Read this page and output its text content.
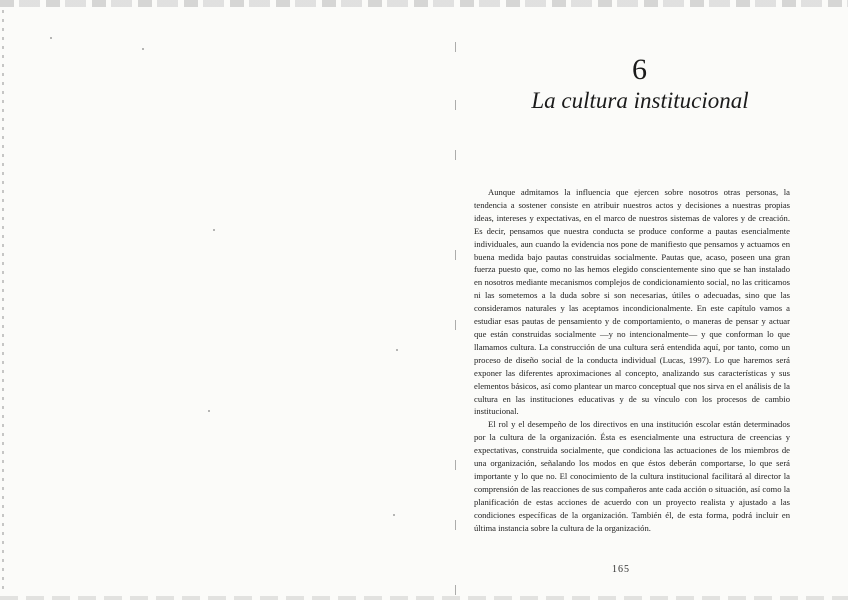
6
La cultura institucional

Aunque admitamos la influencia que ejercen sobre nosotros otras personas, la tendencia a sostener consiste en atribuir nuestros actos y decisiones a nuestras propias ideas, intereses y expectativas, en el marco de nuestros sistemas de valores y de creación. Es decir, pensamos que nuestra conducta se produce conforme a pautas esencialmente individuales, aun cuando la evidencia nos pone de manifiesto que pensamos y actuamos en buena medida bajo pautas construidas socialmente. Pautas que, acaso, poseen una gran fuerza puesto que, como no las hemos elegido conscientemente sino que se han instalado en nosotros mediante mecanismos complejos de condicionamiento social, no las criticamos ni las sometemos a la duda sobre si son necesarias, útiles o adecuadas, sino que las consideramos naturales y las aceptamos incondicionalmente. En este capítulo vamos a estudiar esas pautas de pensamiento y de comportamiento, o maneras de pensar y actuar que están construidas socialmente —y no intencionalmente— y que conforman lo que llamamos cultura. La construcción de una cultura será entendida aquí, por tanto, como un proceso de diseño social de la conducta individual (Lucas, 1997). Lo que haremos será exponer las diferentes aproximaciones al concepto, analizando sus características y sus elementos básicos, así como plantear un marco conceptual que nos sirva en el análisis de la cultura en las instituciones educativas y de su vínculo con los procesos de cambio institucional.

El rol y el desempeño de los directivos en una institución escolar están determinados por la cultura de la organización. Ésta es esencialmente una estructura de creencias y expectativas, construida socialmente, que condiciona las actuaciones de los miembros de una organización, señalando los modos en que éstos deberán comportarse, lo que será importante y lo que no. El conocimiento de la cultura institucional facilitará al director la comprensión de las reacciones de sus compañeros ante cada acción o situación, así como la planificación de estas acciones de acuerdo con un proyecto realista y ajustado a las condiciones específicas de la organización. También él, de esta forma, podrá incluir en última instancia sobre la cultura de la organización.

165
